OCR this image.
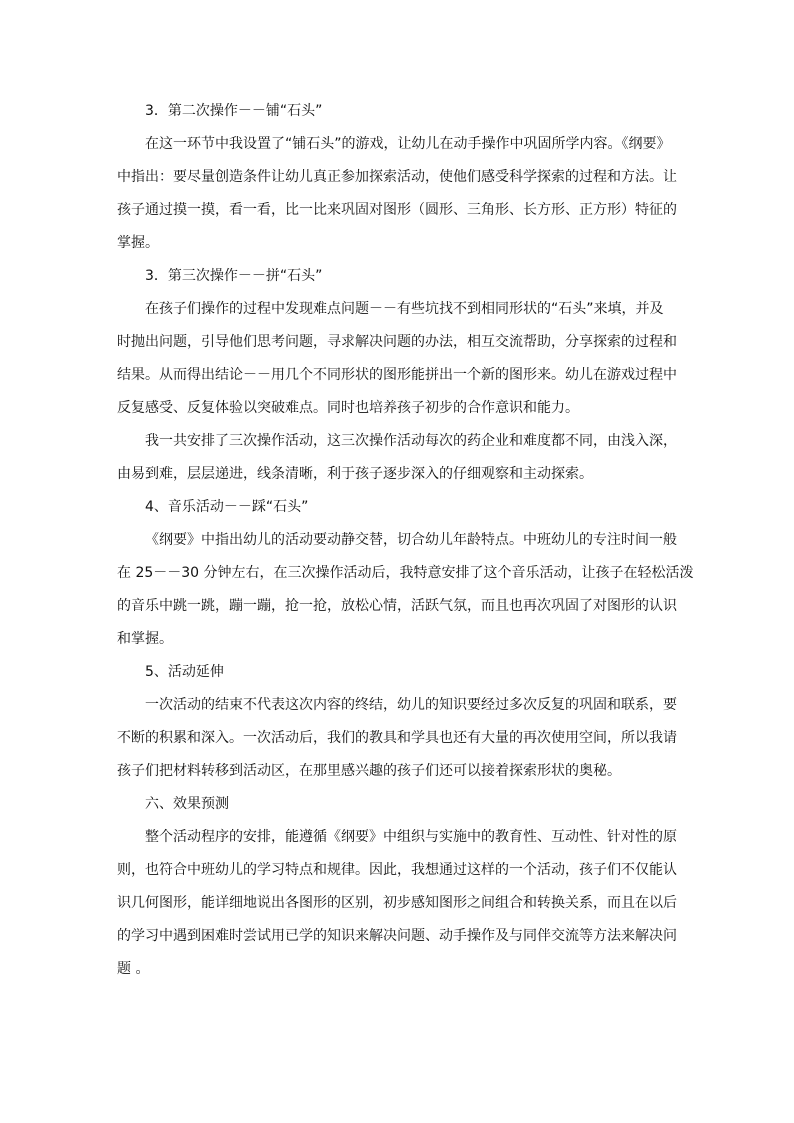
3．第二次操作－－铺“石头”
在这一环节中我设置了“铺石头”的游戏，让幼儿在动手操作中巩固所学内容。《纲要》
中指出：要尽量创造条件让幼儿真正参加探索活动，使他们感受科学探索的过程和方法。让
孩子通过摸一摸，看一看，比一比来巩固对图形（圆形、三角形、长方形、正方形）特征的
掌握。
3．第三次操作－－拼“石头”
在孩子们操作的过程中发现难点问题－－有些坑找不到相同形状的“石头”来填，并及
时抛出问题，引导他们思考问题，寻求解决问题的办法，相互交流帮助，分享探索的过程和
结果。从而得出结论－－用几个不同形状的图形能拼出一个新的图形来。幼儿在游戏过程中
反复感受、反复体验以突破难点。同时也培养孩子初步的合作意识和能力。
我一共安排了三次操作活动，这三次操作活动每次的药企业和难度都不同，由浅入深，
由易到难，层层递进，线条清晰，利于孩子逐步深入的仔细观察和主动探索。
4、音乐活动－－踩“石头”
《纲要》中指出幼儿的活动要动静交替，切合幼儿年龄特点。中班幼儿的专注时间一般
在 25－－30 分钟左右，在三次操作活动后，我特意安排了这个音乐活动，让孩子在轻松活泼
的音乐中跳一跳，蹦一蹦，抢一抢，放松心情，活跃气氛，而且也再次巩固了对图形的认识
和掌握。
5、活动延伸
一次活动的结束不代表这次内容的终结，幼儿的知识要经过多次反复的巩固和联系，要
不断的积累和深入。一次活动后，我们的教具和学具也还有大量的再次使用空间，所以我请
孩子们把材料转移到活动区，在那里感兴趣的孩子们还可以接着探索形状的奥秘。
六、效果预测
整个活动程序的安排，能遵循《纲要》中组织与实施中的教育性、互动性、针对性的原
则，也符合中班幼儿的学习特点和规律。因此，我想通过这样的一个活动，孩子们不仅能认
识几何图形，能详细地说出各图形的区别，初步感知图形之间组合和转换关系，而且在以后
的学习中遇到困难时尝试用已学的知识来解决问题、动手操作及与同伴交流等方法来解决问
题 。
